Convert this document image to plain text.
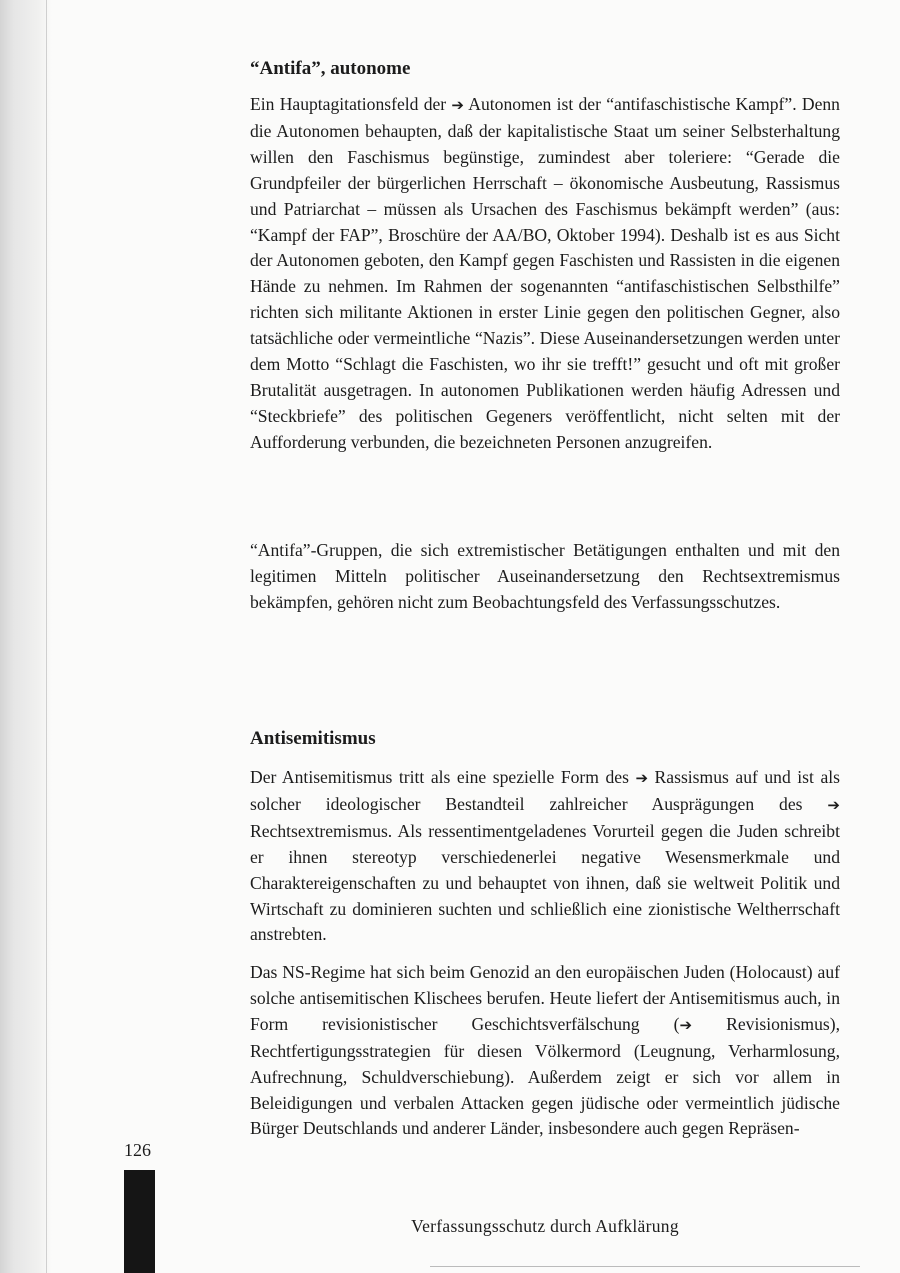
“Antifa”, autonome

Ein Hauptagitationsfeld der ➔ Autonomen ist der “antifaschistische Kampf”. Denn die Autonomen behaupten, daß der kapitalistische Staat um seiner Selbsterhaltung willen den Faschismus begünstige, zumindest aber toleriere: “Gerade die Grundpfeiler der bürgerlichen Herrschaft – ökonomische Ausbeutung, Rassismus und Patriarchat – müssen als Ursachen des Faschismus bekämpft werden” (aus: “Kampf der FAP”, Broschüre der AA/BO, Oktober 1994). Deshalb ist es aus Sicht der Autonomen geboten, den Kampf gegen Faschisten und Rassisten in die eigenen Hände zu nehmen. Im Rahmen der sogenannten “antifaschistischen Selbsthilfe” richten sich militante Aktionen in erster Linie gegen den politischen Gegner, also tatsächliche oder vermeintliche “Nazis”. Diese Auseinandersetzungen werden unter dem Motto “Schlagt die Faschisten, wo ihr sie trefft!” gesucht und oft mit großer Brutalität ausgetragen. In autonomen Publikationen werden häufig Adressen und “Steckbriefe” des politischen Gegeners veröffentlicht, nicht selten mit der Aufforderung verbunden, die bezeichneten Personen anzugreifen.

“Antifa”-Gruppen, die sich extremistischer Betätigungen enthalten und mit den legitimen Mitteln politischer Auseinandersetzung den Rechtsextremismus bekämpfen, gehören nicht zum Beobachtungsfeld des Verfassungsschutzes.

Antisemitismus

Der Antisemitismus tritt als eine spezielle Form des ➔ Rassismus auf und ist als solcher ideologischer Bestandteil zahlreicher Ausprägungen des ➔ Rechtsextremismus. Als ressentimentgeladenes Vorurteil gegen die Juden schreibt er ihnen stereotyp verschiedenerlei negative Wesensmerkmale und Charaktereigenschaften zu und behauptet von ihnen, daß sie weltweit Politik und Wirtschaft zu dominieren suchten und schließlich eine zionistische Weltherrschaft anstrebten.

Das NS-Regime hat sich beim Genozid an den europäischen Juden (Holocaust) auf solche antisemitischen Klischees berufen. Heute liefert der Antisemitismus auch, in Form revisionistischer Geschichtsverfälschung (➔ Revisionismus), Rechtfertigungsstrategien für diesen Völkermord (Leugnung, Verharmlosung, Aufrechnung, Schuldverschiebung). Außerdem zeigt er sich vor allem in Beleidigungen und verbalen Attacken gegen jüdische oder vermeintlich jüdische Bürger Deutschlands und anderer Länder, insbesondere auch gegen Repräsen-

126
Verfassungsschutz durch Aufklärung
